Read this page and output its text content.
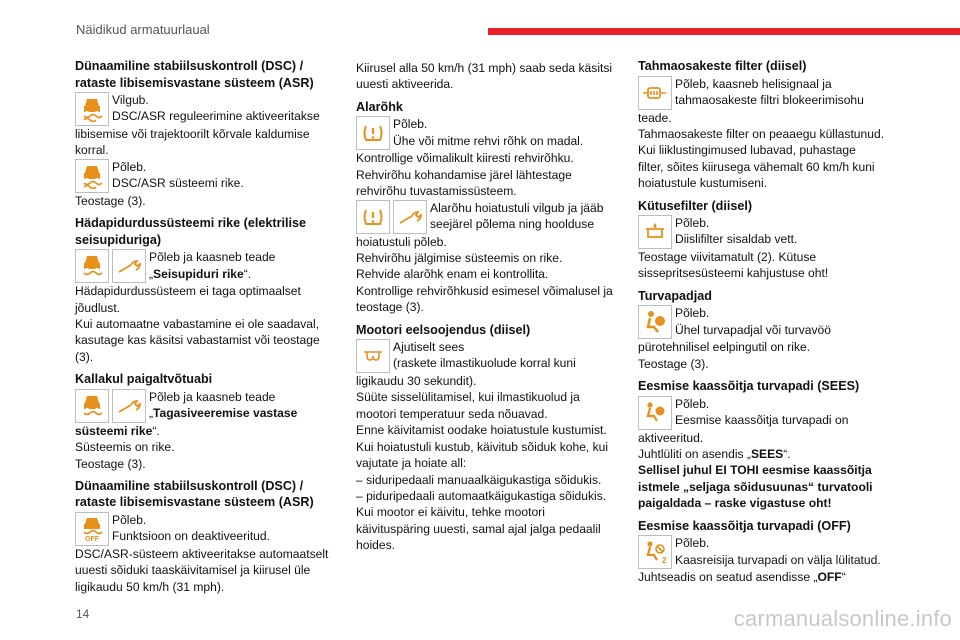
Näidikud armatuurlaual
Dünaamiline stabiilsuskontroll (DSC) /
rataste libisemisvastane süsteem (ASR)
Vilgub.
DSC/ASR reguleerimine aktiveeritakse
libisemise või trajektoorilt kõrvale kaldumise
korral.
Põleb.
DSC/ASR süsteemi rike.
Teostage (3).
Hädapidurdussüsteemi rike (elektrilise
seisupiduriga)
Põleb ja kaasneb teade
„Seisupiduri rike“.
Hädapidurdussüsteem ei taga optimaalset
jõudlust.
Kui automaatne vabastamine ei ole saadaval,
kasutage kas käsitsi vabastamist või teostage
(3).
Kallakul paigaltvõtuabi
Põleb ja kaasneb teade
„Tagasiveeremise vastase
süsteemi rike“.
Süsteemis on rike.
Teostage (3).
Dünaamiline stabiilsuskontroll (DSC) /
rataste libisemisvastane süsteem (ASR)
OFF
Põleb.
Funktsioon on deaktiveeritud.
DSC/ASR-süsteem aktiveeritakse automaatselt
uuesti sõiduki taaskäivitamisel ja kiirusel üle
ligikaudu 50 km/h (31 mph).
Kiirusel alla 50 km/h (31 mph) saab seda käsitsi
uuesti aktiveerida.
Alarõhk
Põleb.
Ühe või mitme rehvi rõhk on madal.
Kontrollige võimalikult kiiresti rehvirõhku.
Rehvirõhu kohandamise järel lähtestage
rehvirõhu tuvastamissüsteem.
Alarõhu hoiatustuli vilgub ja jääb
seejärel põlema ning hoolduse
hoiatustuli põleb.
Rehvirõhu jälgimise süsteemis on rike.
Rehvide alarõhk enam ei kontrollita.
Kontrollige rehvirõhkusid esimesel võimalusel ja
teostage (3).
Mootori eelsoojendus (diisel)
Ajutiselt sees
(raskete ilmastikuolude korral kuni
ligikaudu 30 sekundit).
Süüte sisselülitamisel, kui ilmastikuolud ja
mootori temperatuur seda nõuavad.
Enne käivitamist oodake hoiatustule kustumist.
Kui hoiatustuli kustub, käivitub sõiduk kohe, kui
vajutate ja hoiate all:
– siduripedaali manuaalkäigukastiga sõidukis.
– piduripedaali automaatkäigukastiga sõidukis.
Kui mootor ei käivitu, tehke mootori
käivituspäring uuesti, samal ajal jalga pedaalil
hoides.
Tahmaosakeste filter (diisel)
Põleb, kaasneb helisignaal ja
tahmaosakeste filtri blokeerimisohu
teade.
Tahmaosakeste filter on peaaegu küllastunud.
Kui liiklustingimused lubavad, puhastage
filter, sõites kiirusega vähemalt 60 km/h kuni
hoiatustule kustumiseni.
Kütusefilter (diisel)
Põleb.
Diislifilter sisaldab vett.
Teostage viivitamatult (2). Kütuse
sissepritsesüsteemi kahjustuse oht!
Turvapadjad
Põleb.
Ühel turvapadjal või turvavöö
pürotehnilisel eelpingutil on rike.
Teostage (3).
Eesmise kaassõitja turvapadi (SEES)
Põleb.
Eesmise kaassõitja turvapadi on
aktiveeritud.
Juhtlüliti on asendis „SEES“.
Sellisel juhul EI TOHI eesmise kaassõitja
istmele „seljaga sõidusuunas“ turvatooli
paigaldada – raske vigastuse oht!
Eesmise kaassõitja turvapadi (OFF)
2
Põleb.
Kaasreisija turvapadi on välja lülitatud.
Juhtseadis on seatud asendisse „OFF“
14	carmanualsonline.info
